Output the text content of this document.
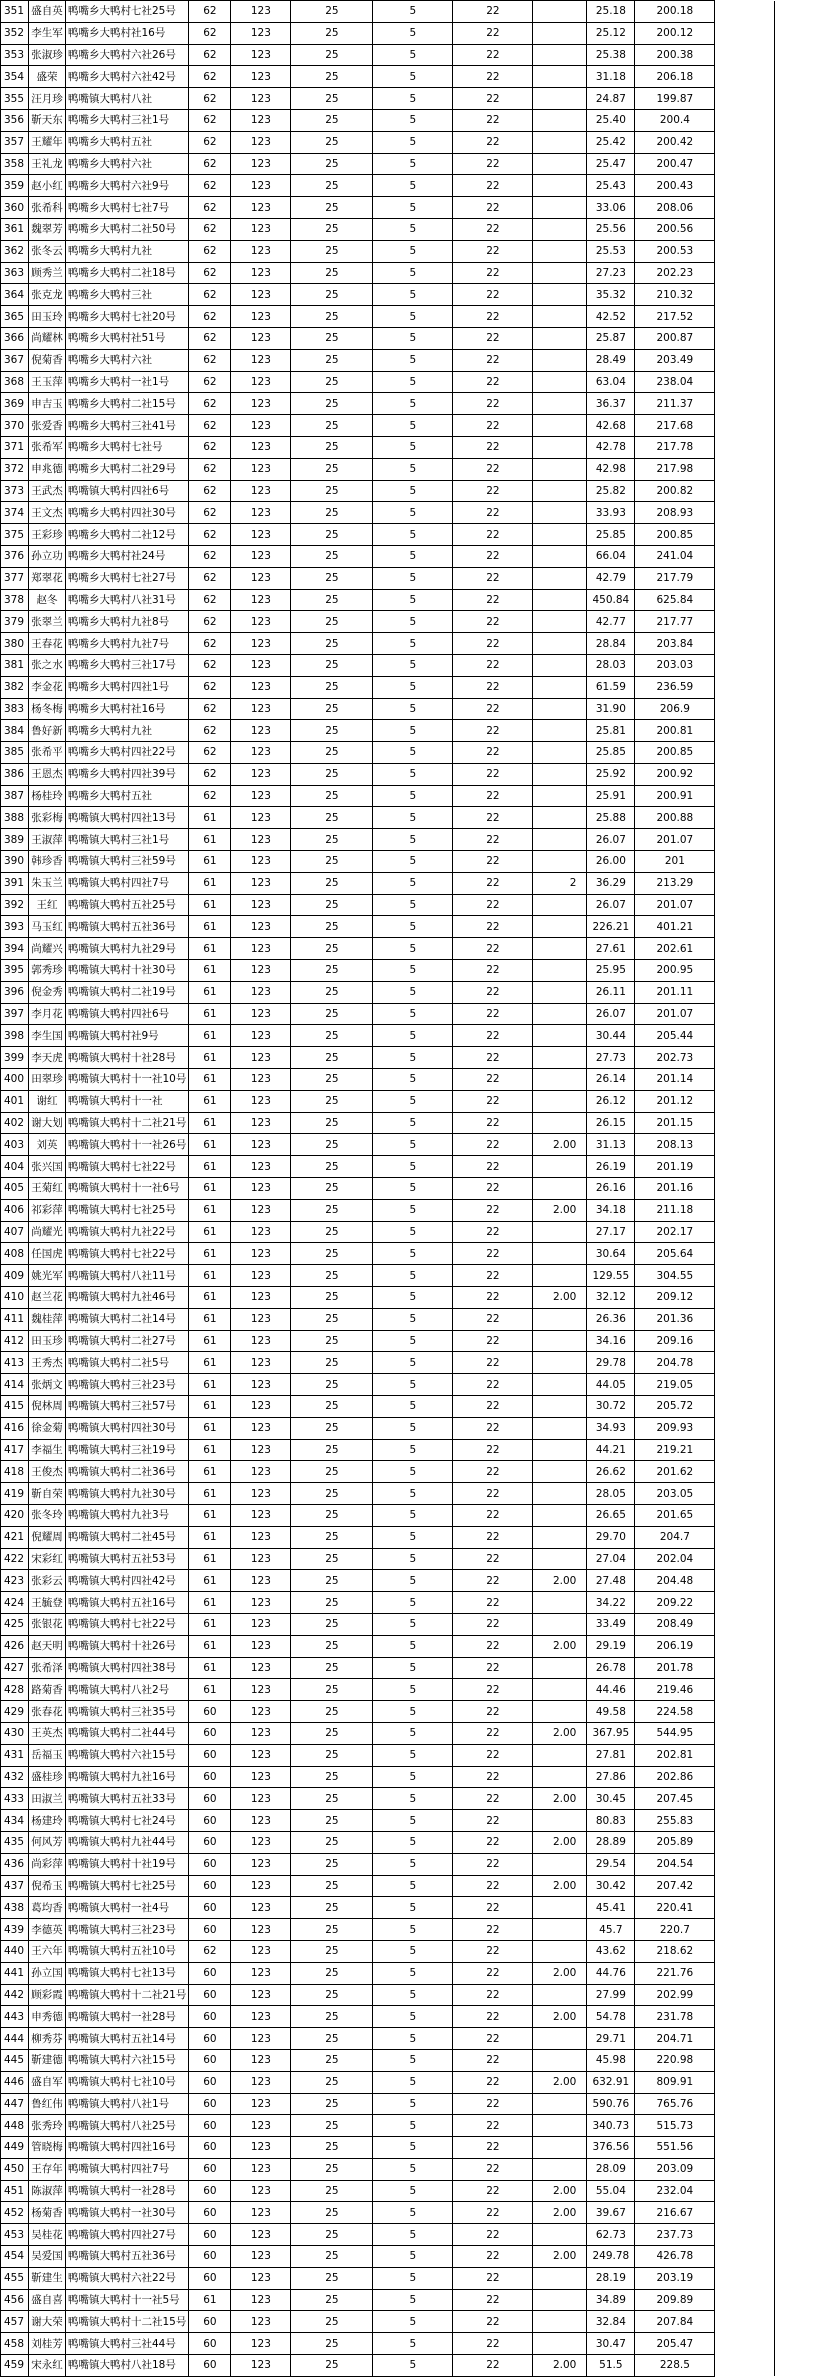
351	盛自英	鸭嘴乡大鸭村七社25号	62	123	25	5	22		25.18	200.18	
352	李生军	鸭嘴乡大鸭村社16号	62	123	25	5	22		25.12	200.12	
353	张淑珍	鸭嘴乡大鸭村六社26号	62	123	25	5	22		25.38	200.38	
354	盛荣	鸭嘴乡大鸭村六社42号	62	123	25	5	22		31.18	206.18	
355	汪月珍	鸭嘴镇大鸭村八社	62	123	25	5	22		24.87	199.87	
356	靳天东	鸭嘴乡大鸭村三社1号	62	123	25	5	22		25.40	200.4	
357	王耀年	鸭嘴乡大鸭村五社	62	123	25	5	22		25.42	200.42	
358	王礼龙	鸭嘴乡大鸭村六社	62	123	25	5	22		25.47	200.47	
359	赵小红	鸭嘴乡大鸭村六社9号	62	123	25	5	22		25.43	200.43	
360	张希科	鸭嘴乡大鸭村七社7号	62	123	25	5	22		33.06	208.06	
361	魏翠芳	鸭嘴乡大鸭村二社50号	62	123	25	5	22		25.56	200.56	
362	张冬云	鸭嘴乡大鸭村九社	62	123	25	5	22		25.53	200.53	
363	顾秀兰	鸭嘴乡大鸭村二社18号	62	123	25	5	22		27.23	202.23	
364	张克龙	鸭嘴乡大鸭村三社	62	123	25	5	22		35.32	210.32	
365	田玉玲	鸭嘴乡大鸭村七社20号	62	123	25	5	22		42.52	217.52	
366	尚耀林	鸭嘴乡大鸭村社51号	62	123	25	5	22		25.87	200.87	
367	倪菊香	鸭嘴乡大鸭村六社	62	123	25	5	22		28.49	203.49	
368	王玉萍	鸭嘴乡大鸭村一社1号	62	123	25	5	22		63.04	238.04	
369	申吉玉	鸭嘴乡大鸭村二社15号	62	123	25	5	22		36.37	211.37	
370	张爱香	鸭嘴乡大鸭村三社41号	62	123	25	5	22		42.68	217.68	
371	张希军	鸭嘴乡大鸭村七社号	62	123	25	5	22		42.78	217.78	
372	申兆德	鸭嘴乡大鸭村二社29号	62	123	25	5	22		42.98	217.98	
373	王武杰	鸭嘴镇大鸭村四社6号	62	123	25	5	22		25.82	200.82	
374	王文杰	鸭嘴乡大鸭村四社30号	62	123	25	5	22		33.93	208.93	
375	王彩珍	鸭嘴乡大鸭村二社12号	62	123	25	5	22		25.85	200.85	
376	孙立功	鸭嘴乡大鸭村社24号	62	123	25	5	22		66.04	241.04	
377	郑翠花	鸭嘴乡大鸭村七社27号	62	123	25	5	22		42.79	217.79	
378	赵冬	鸭嘴乡大鸭村八社31号	62	123	25	5	22		450.84	625.84	
379	张翠兰	鸭嘴乡大鸭村九社8号	62	123	25	5	22		42.77	217.77	
380	王春花	鸭嘴乡大鸭村九社7号	62	123	25	5	22		28.84	203.84	
381	张之水	鸭嘴乡大鸭村三社17号	62	123	25	5	22		28.03	203.03	
382	李金花	鸭嘴乡大鸭村四社1号	62	123	25	5	22		61.59	236.59	
383	杨冬梅	鸭嘴乡大鸭村社16号	62	123	25	5	22		31.90	206.9	
384	鲁好新	鸭嘴乡大鸭村九社	62	123	25	5	22		25.81	200.81	
385	张希平	鸭嘴乡大鸭村四社22号	62	123	25	5	22		25.85	200.85	
386	王恩杰	鸭嘴乡大鸭村四社39号	62	123	25	5	22		25.92	200.92	
387	杨桂玲	鸭嘴乡大鸭村五社	62	123	25	5	22		25.91	200.91	
388	张彩梅	鸭嘴镇大鸭村四社13号	61	123	25	5	22		25.88	200.88	
389	王淑萍	鸭嘴镇大鸭村三社1号	61	123	25	5	22		26.07	201.07	
390	韩珍香	鸭嘴镇大鸭村三社59号	61	123	25	5	22		26.00	201	
391	朱玉兰	鸭嘴镇大鸭村四社7号	61	123	25	5	22	2	36.29	213.29	
392	王红	鸭嘴镇大鸭村五社25号	61	123	25	5	22		26.07	201.07	
393	马玉红	鸭嘴镇大鸭村五社36号	61	123	25	5	22		226.21	401.21	
394	尚耀兴	鸭嘴镇大鸭村九社29号	61	123	25	5	22		27.61	202.61	
395	郭秀珍	鸭嘴镇大鸭村十社30号	61	123	25	5	22		25.95	200.95	
396	倪金秀	鸭嘴镇大鸭村二社19号	61	123	25	5	22		26.11	201.11	
397	李月花	鸭嘴镇大鸭村四社6号	61	123	25	5	22		26.07	201.07	
398	李生国	鸭嘴镇大鸭村社9号	61	123	25	5	22		30.44	205.44	
399	李天虎	鸭嘴镇大鸭村十社28号	61	123	25	5	22		27.73	202.73	
400	田翠珍	鸭嘴镇大鸭村十一社10号	61	123	25	5	22		26.14	201.14	
401	谢红	鸭嘴镇大鸭村十一社	61	123	25	5	22		26.12	201.12	
402	谢大划	鸭嘴镇大鸭村十二社21号	61	123	25	5	22		26.15	201.15	
403	刘英	鸭嘴镇大鸭村十一社26号	61	123	25	5	22	2.00	31.13	208.13	
404	张兴国	鸭嘴镇大鸭村七社22号	61	123	25	5	22		26.19	201.19	
405	王菊红	鸭嘴镇大鸭村十一社6号	61	123	25	5	22		26.16	201.16	
406	祁彩萍	鸭嘴镇大鸭村七社25号	61	123	25	5	22	2.00	34.18	211.18	
407	尚耀光	鸭嘴镇大鸭村九社22号	61	123	25	5	22		27.17	202.17	
408	任国虎	鸭嘴镇大鸭村七社22号	61	123	25	5	22		30.64	205.64	
409	姚光军	鸭嘴镇大鸭村八社11号	61	123	25	5	22		129.55	304.55	
410	赵兰花	鸭嘴镇大鸭村九社46号	61	123	25	5	22	2.00	32.12	209.12	
411	魏桂萍	鸭嘴镇大鸭村二社14号	61	123	25	5	22		26.36	201.36	
412	田玉珍	鸭嘴镇大鸭村二社27号	61	123	25	5	22		34.16	209.16	
413	王秀杰	鸭嘴镇大鸭村二社5号	61	123	25	5	22		29.78	204.78	
414	张炳文	鸭嘴镇大鸭村三社23号	61	123	25	5	22		44.05	219.05	
415	倪林周	鸭嘴镇大鸭村三社57号	61	123	25	5	22		30.72	205.72	
416	徐金菊	鸭嘴镇大鸭村四社30号	61	123	25	5	22		34.93	209.93	
417	李福生	鸭嘴镇大鸭村三社19号	61	123	25	5	22		44.21	219.21	
418	王俊杰	鸭嘴镇大鸭村二社36号	61	123	25	5	22		26.62	201.62	
419	靳自荣	鸭嘴镇大鸭村九社30号	61	123	25	5	22		28.05	203.05	
420	张冬玲	鸭嘴镇大鸭村九社3号	61	123	25	5	22		26.65	201.65	
421	倪耀周	鸭嘴镇大鸭村二社45号	61	123	25	5	22		29.70	204.7	
422	宋彩红	鸭嘴镇大鸭村五社53号	61	123	25	5	22		27.04	202.04	
423	张彩云	鸭嘴镇大鸭村四社42号	61	123	25	5	22	2.00	27.48	204.48	
424	王毓登	鸭嘴镇大鸭村五社16号	61	123	25	5	22		34.22	209.22	
425	张银花	鸭嘴镇大鸭村七社22号	61	123	25	5	22		33.49	208.49	
426	赵天明	鸭嘴镇大鸭村十社26号	61	123	25	5	22	2.00	29.19	206.19	
427	张希泽	鸭嘴镇大鸭村四社38号	61	123	25	5	22		26.78	201.78	
428	路菊香	鸭嘴镇大鸭村八社2号	61	123	25	5	22		44.46	219.46	
429	张春花	鸭嘴镇大鸭村三社35号	60	123	25	5	22		49.58	224.58	
430	王英杰	鸭嘴镇大鸭村二社44号	60	123	25	5	22	2.00	367.95	544.95	
431	岳福玉	鸭嘴镇大鸭村六社15号	60	123	25	5	22		27.81	202.81	
432	盛桂珍	鸭嘴镇大鸭村九社16号	60	123	25	5	22		27.86	202.86	
433	田淑兰	鸭嘴镇大鸭村五社33号	60	123	25	5	22	2.00	30.45	207.45	
434	杨建玲	鸭嘴镇大鸭村七社24号	60	123	25	5	22		80.83	255.83	
435	何风芳	鸭嘴镇大鸭村九社44号	60	123	25	5	22	2.00	28.89	205.89	
436	尚彩萍	鸭嘴镇大鸭村十社19号	60	123	25	5	22		29.54	204.54	
437	倪希玉	鸭嘴镇大鸭村七社25号	60	123	25	5	22	2.00	30.42	207.42	
438	葛均香	鸭嘴镇大鸭村一社4号	60	123	25	5	22		45.41	220.41	
439	李德英	鸭嘴镇大鸭村三社23号	60	123	25	5	22		45.7	220.7	
440	王六年	鸭嘴镇大鸭村五社10号	62	123	25	5	22		43.62	218.62	
441	孙立国	鸭嘴镇大鸭村七社13号	60	123	25	5	22	2.00	44.76	221.76	
442	顾彩霞	鸭嘴镇大鸭村十二社21号	60	123	25	5	22		27.99	202.99	
443	申秀德	鸭嘴镇大鸭村一社28号	60	123	25	5	22	2.00	54.78	231.78	
444	柳秀芬	鸭嘴镇大鸭村五社14号	60	123	25	5	22		29.71	204.71	
445	靳建德	鸭嘴镇大鸭村六社15号	60	123	25	5	22		45.98	220.98	
446	盛自军	鸭嘴镇大鸭村七社10号	60	123	25	5	22	2.00	632.91	809.91	
447	鲁红伟	鸭嘴镇大鸭村八社1号	60	123	25	5	22		590.76	765.76	
448	张秀玲	鸭嘴镇大鸭村八社25号	60	123	25	5	22		340.73	515.73	
449	管晓梅	鸭嘴镇大鸭村四社16号	60	123	25	5	22		376.56	551.56	
450	王存年	鸭嘴镇大鸭村四社7号	60	123	25	5	22		28.09	203.09	
451	陈淑萍	鸭嘴镇大鸭村一社28号	60	123	25	5	22	2.00	55.04	232.04	
452	杨菊香	鸭嘴镇大鸭村一社30号	60	123	25	5	22	2.00	39.67	216.67	
453	吴桂花	鸭嘴镇大鸭村四社27号	60	123	25	5	22		62.73	237.73	
454	吴爱国	鸭嘴镇大鸭村五社36号	60	123	25	5	22	2.00	249.78	426.78	
455	靳建生	鸭嘴镇大鸭村六社22号	60	123	25	5	22		28.19	203.19	
456	盛自喜	鸭嘴镇大鸭村十一社5号	61	123	25	5	22		34.89	209.89	
457	谢大荣	鸭嘴镇大鸭村十二社15号	60	123	25	5	22		32.84	207.84	
458	刘桂芳	鸭嘴镇大鸭村三社44号	60	123	25	5	22		30.47	205.47	
459	宋永红	鸭嘴镇大鸭村八社18号	60	123	25	5	22	2.00	51.5	228.5	
